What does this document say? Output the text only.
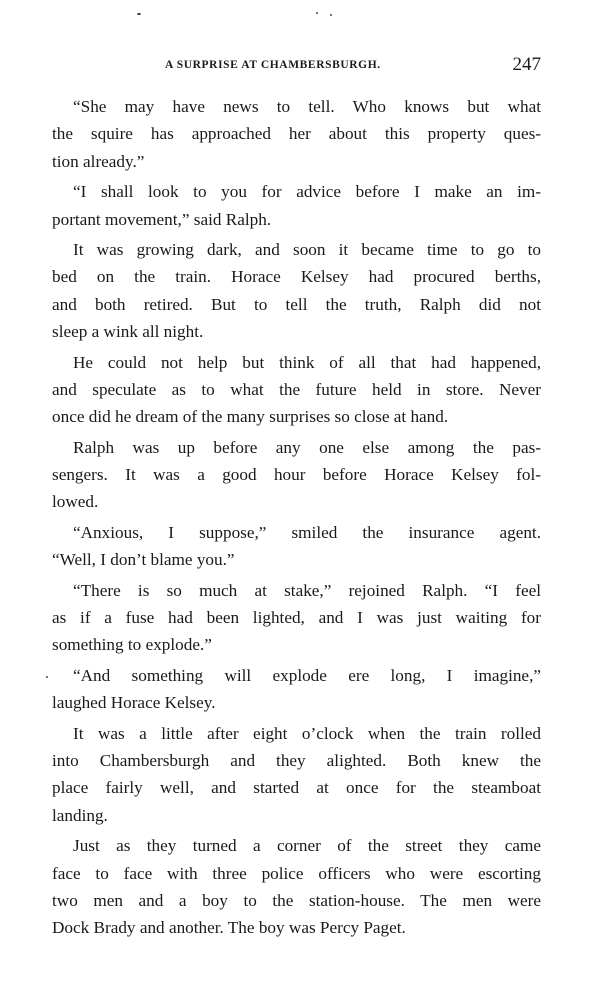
A SURPRISE AT CHAMBERSBURGH.	247
“She may have news to tell. Who knows but what
the squire has approached her about this property ques-
tion already.”
“I shall look to you for advice before I make an im-
portant movement,” said Ralph.
It was growing dark, and soon it became time to go to
bed on the train. Horace Kelsey had procured berths,
and both retired. But to tell the truth, Ralph did not
sleep a wink all night.
He could not help but think of all that had happened,
and speculate as to what the future held in store. Never
once did he dream of the many surprises so close at hand.
Ralph was up before any one else among the pas-
sengers. It was a good hour before Horace Kelsey fol-
lowed.
“Anxious, I suppose,” smiled the insurance agent.
“Well, I don’t blame you.”
“There is so much at stake,” rejoined Ralph. “I feel
as if a fuse had been lighted, and I was just waiting for
something to explode.”
“And something will explode ere long, I imagine,”
laughed Horace Kelsey.
It was a little after eight o’clock when the train rolled
into Chambersburgh and they alighted. Both knew the
place fairly well, and started at once for the steamboat
landing.
Just as they turned a corner of the street they came
face to face with three police officers who were escorting
two men and a boy to the station-house. The men were
Dock Brady and another. The boy was Percy Paget.
